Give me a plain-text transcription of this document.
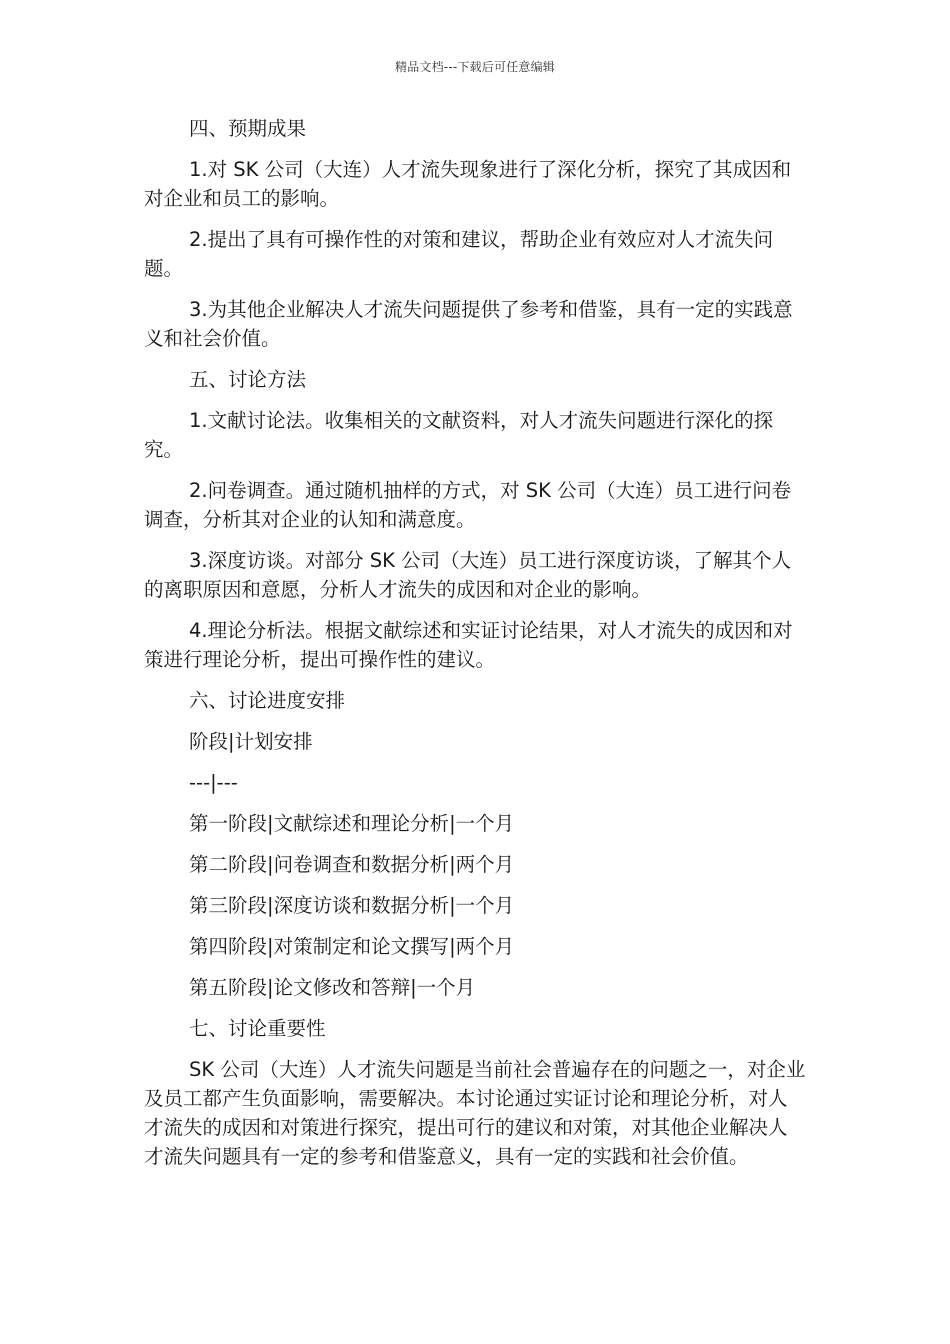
精品文档---下载后可任意编辑

四、预期成果

1.对 SK 公司（大连）人才流失现象进行了深化分析，探究了其成因和对企业和员工的影响。

2.提出了具有可操作性的对策和建议，帮助企业有效应对人才流失问题。

3.为其他企业解决人才流失问题提供了参考和借鉴，具有一定的实践意义和社会价值。

五、讨论方法

1.文献讨论法。收集相关的文献资料，对人才流失问题进行深化的探究。

2.问卷调查。通过随机抽样的方式，对 SK 公司（大连）员工进行问卷调查，分析其对企业的认知和满意度。

3.深度访谈。对部分 SK 公司（大连）员工进行深度访谈，了解其个人的离职原因和意愿，分析人才流失的成因和对企业的影响。

4.理论分析法。根据文献综述和实证讨论结果，对人才流失的成因和对策进行理论分析，提出可操作性的建议。

六、讨论进度安排

阶段|计划安排

---|---

第一阶段|文献综述和理论分析|一个月

第二阶段|问卷调查和数据分析|两个月

第三阶段|深度访谈和数据分析|一个月

第四阶段|对策制定和论文撰写|两个月

第五阶段|论文修改和答辩|一个月

七、讨论重要性

SK 公司（大连）人才流失问题是当前社会普遍存在的问题之一，对企业及员工都产生负面影响，需要解决。本讨论通过实证讨论和理论分析，对人才流失的成因和对策进行探究，提出可行的建议和对策，对其他企业解决人才流失问题具有一定的参考和借鉴意义，具有一定的实践和社会价值。
